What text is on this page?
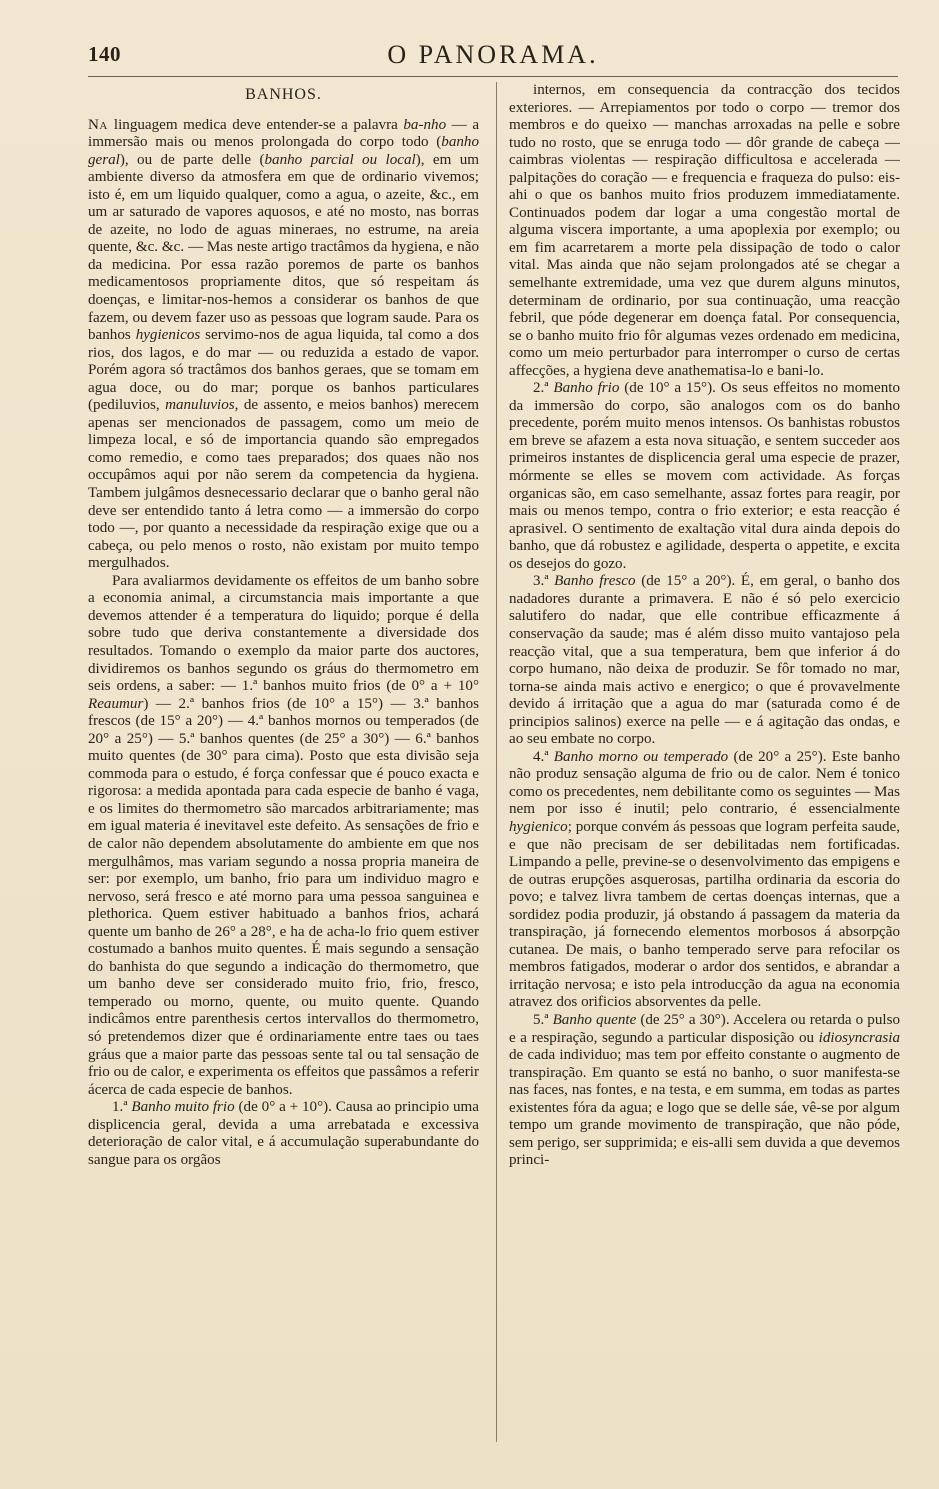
140	O PANORAMA.
BANHOS.

Na linguagem medica deve entender-se a palavra ba-nho — a immersão mais ou menos prolongada do corpo todo (banho geral), ou de parte delle (banho parcial ou local), em um ambiente diverso da atmosfera em que de ordinario vivemos; isto é, em um liquido qualquer, como a agua, o azeite, &c., em um ar saturado de vapores aquosos, e até no mosto, nas borras de azeite, no lodo de aguas mineraes, no estrume, na areia quente, &c. &c. — Mas neste artigo tractâmos da hygiena, e não da medicina. Por essa razão poremos de parte os banhos medicamentosos propriamente ditos, que só respeitam ás doenças, e limitar-nos-hemos a considerar os banhos de que fazem, ou devem fazer uso as pessoas que logram saude. Para os banhos hygienicos servimo-nos de agua liquida, tal como a dos rios, dos lagos, e do mar — ou reduzida a estado de vapor. Porém agora só tractâmos dos banhos geraes, que se tomam em agua doce, ou do mar; porque os banhos particulares (pediluvios, manuluvios, de assento, e meios banhos) merecem apenas ser mencionados de passagem, como um meio de limpeza local, e só de importancia quando são empregados como remedio, e como taes preparados; dos quaes não nos occupâmos aqui por não serem da competencia da hygiena. Tambem julgâmos desnecessario declarar que o banho geral não deve ser entendido tanto á letra como — a immersão do corpo todo —, por quanto a necessidade da respiração exige que ou a cabeça, ou pelo menos o rosto, não existam por muito tempo mergulhados.

Para avaliarmos devidamente os effeitos de um banho sobre a economia animal, a circumstancia mais importante a que devemos attender é a temperatura do liquido; porque é della sobre tudo que deriva constantemente a diversidade dos resultados. Tomando o exemplo da maior parte dos auctores, dividiremos os banhos segundo os gráus do thermometro em seis ordens, a saber: — 1.ª banhos muito frios (de 0° a + 10° Reaumur) — 2.ª banhos frios (de 10° a 15°) — 3.ª banhos frescos (de 15° a 20°) — 4.ª banhos mornos ou temperados (de 20° a 25°) — 5.ª banhos quentes (de 25° a 30°) — 6.ª banhos muito quentes (de 30° para cima). Posto que esta divisão seja commoda para o estudo, é força confessar que é pouco exacta e rigorosa: a medida apontada para cada especie de banho é vaga, e os limites do thermometro são marcados arbitrariamente; mas em igual materia é inevitavel este defeito. As sensações de frio e de calor não dependem absolutamente do ambiente em que nos mergulhâmos, mas variam segundo a nossa propria maneira de ser: por exemplo, um banho, frio para um individuo magro e nervoso, será fresco e até morno para uma pessoa sanguinea e plethorica. Quem estiver habituado a banhos frios, achará quente um banho de 26° a 28°, e ha de acha-lo frio quem estiver costumado a banhos muito quentes. É mais segundo a sensação do banhista do que segundo a indicação do thermometro, que um banho deve ser considerado muito frio, frio, fresco, temperado ou morno, quente, ou muito quente. Quando indicâmos entre parenthesis certos intervallos do thermometro, só pretendemos dizer que é ordinariamente entre taes ou taes gráus que a maior parte das pessoas sente tal ou tal sensação de frio ou de calor, e experimenta os effeitos que passâmos a referir ácerca de cada especie de banhos.

1.ª Banho muito frio (de 0° a + 10°). Causa ao principio uma displicencia geral, devida a uma arrebatada e excessiva deterioração de calor vital, e á accumulação superabundante do sangue para os orgãos

internos, em consequencia da contracção dos tecidos exteriores. — Arrepiamentos por todo o corpo — tremor dos membros e do queixo — manchas arroxadas na pelle e sobre tudo no rosto, que se enruga todo — dôr grande de cabeça — caimbras violentas — respiração difficultosa e accelerada — palpitações do coração — e frequencia e fraqueza do pulso: eis-ahi o que os banhos muito frios produzem immediatamente. Continuados podem dar logar a uma congestão mortal de alguma viscera importante, a uma apoplexia por exemplo; ou em fim acarretarem a morte pela dissipação de todo o calor vital. Mas ainda que não sejam prolongados até se chegar a semelhante extremidade, uma vez que durem alguns minutos, determinam de ordinario, por sua continuação, uma reacção febril, que póde degenerar em doença fatal. Por consequencia, se o banho muito frio fôr algumas vezes ordenado em medicina, como um meio perturbador para interromper o curso de certas affecções, a hygiena deve anathematisa-lo e bani-lo.

2.ª Banho frio (de 10° a 15°). Os seus effeitos no momento da immersão do corpo, são analogos com os do banho precedente, porém muito menos intensos. Os banhistas robustos em breve se afazem a esta nova situação, e sentem succeder aos primeiros instantes de displicencia geral uma especie de prazer, mórmente se elles se movem com actividade. As forças organicas são, em caso semelhante, assaz fortes para reagir, por mais ou menos tempo, contra o frio exterior; e esta reacção é aprasivel. O sentimento de exaltação vital dura ainda depois do banho, que dá robustez e agilidade, desperta o appetite, e excita os desejos do gozo.

3.ª Banho fresco (de 15° a 20°). É, em geral, o banho dos nadadores durante a primavera. E não é só pelo exercicio salutifero do nadar, que elle contribue efficazmente á conservação da saude; mas é além disso muito vantajoso pela reacção vital, que a sua temperatura, bem que inferior á do corpo humano, não deixa de produzir. Se fôr tomado no mar, torna-se ainda mais activo e energico; o que é provavelmente devido á irritação que a agua do mar (saturada como é de principios salinos) exerce na pelle — e á agitação das ondas, e ao seu embate no corpo.

4.ª Banho morno ou temperado (de 20° a 25°). Este banho não produz sensação alguma de frio ou de calor. Nem é tonico como os precedentes, nem debilitante como os seguintes — Mas nem por isso é inutil; pelo contrario, é essencialmente hygienico; porque convém ás pessoas que logram perfeita saude, e que não precisam de ser debilitadas nem fortificadas. Limpando a pelle, previne-se o desenvolvimento das empigens e de outras erupções asquerosas, partilha ordinaria da escoria do povo; e talvez livra tambem de certas doenças internas, que a sordidez podia produzir, já obstando á passagem da materia da transpiração, já fornecendo elementos morbosos á absorpção cutanea. De mais, o banho temperado serve para refocilar os membros fatigados, moderar o ardor dos sentidos, e abrandar a irritação nervosa; e isto pela introducção da agua na economia atravez dos orificios absorventes da pelle.

5.ª Banho quente (de 25° a 30°). Accelera ou retarda o pulso e a respiração, segundo a particular disposição ou idiosyncrasia de cada individuo; mas tem por effeito constante o augmento de transpiração. Em quanto se está no banho, o suor manifesta-se nas faces, nas fontes, e na testa, e em summa, em todas as partes existentes fóra da agua; e logo que se delle sáe, vê-se por algum tempo um grande movimento de transpiração, que não póde, sem perigo, ser supprimida; e eis-alli sem duvida a que devemos princi-
